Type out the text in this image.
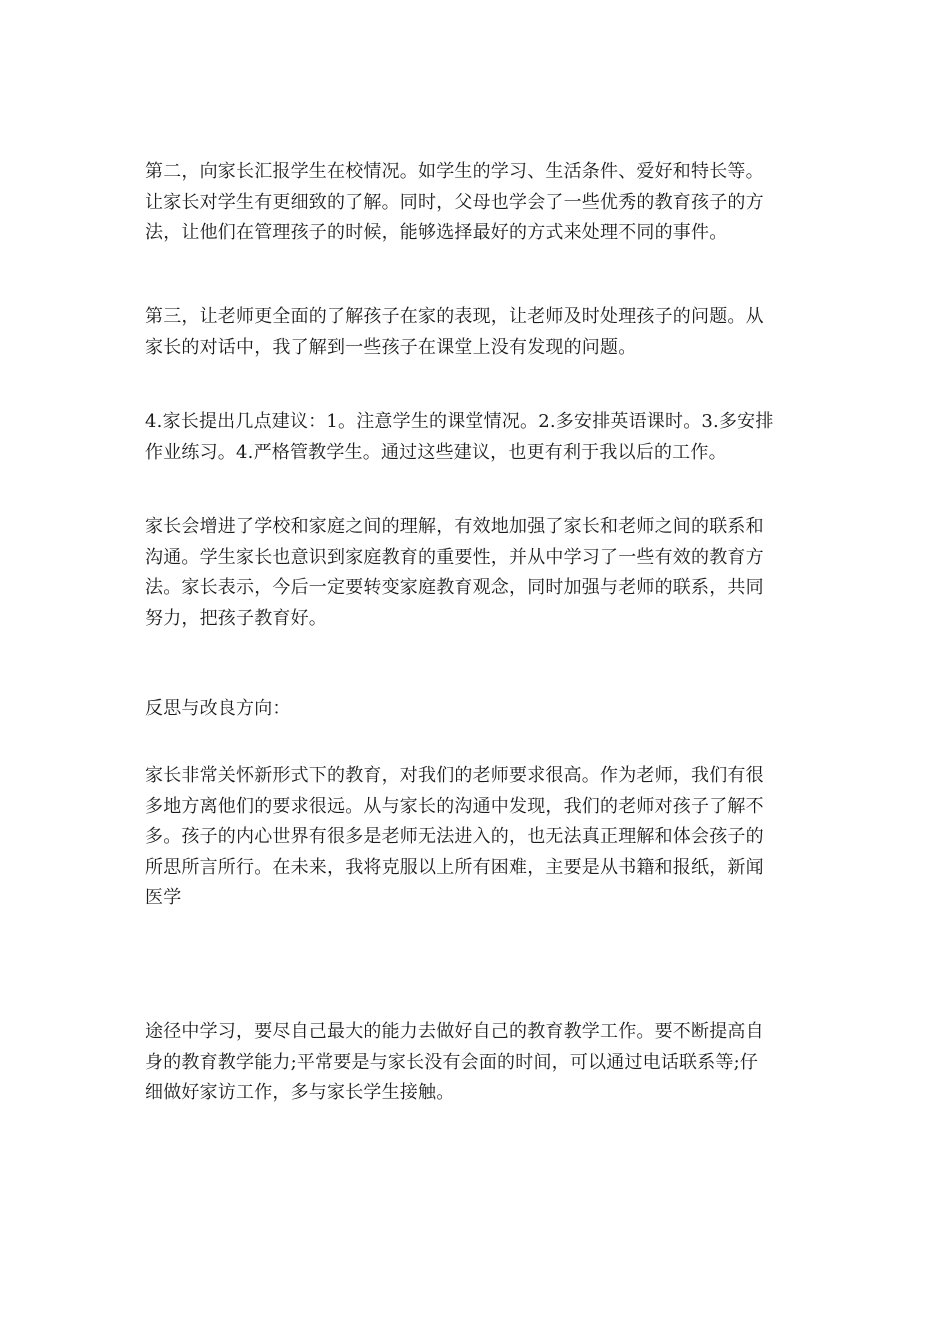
第二，向家长汇报学生在校情况。如学生的学习、生活条件、爱好和特长等。
让家长对学生有更细致的了解。同时，父母也学会了一些优秀的教育孩子的方
法，让他们在管理孩子的时候，能够选择最好的方式来处理不同的事件。

第三，让老师更全面的了解孩子在家的表现，让老师及时处理孩子的问题。从
家长的对话中，我了解到一些孩子在课堂上没有发现的问题。

4.家长提出几点建议：1。注意学生的课堂情况。2.多安排英语课时。3.多安排
作业练习。4.严格管教学生。通过这些建议，也更有利于我以后的工作。

家长会增进了学校和家庭之间的理解，有效地加强了家长和老师之间的联系和
沟通。学生家长也意识到家庭教育的重要性，并从中学习了一些有效的教育方
法。家长表示，今后一定要转变家庭教育观念，同时加强与老师的联系，共同
努力，把孩子教育好。

反思与改良方向：

家长非常关怀新形式下的教育，对我们的老师要求很高。作为老师，我们有很
多地方离他们的要求很远。从与家长的沟通中发现，我们的老师对孩子了解不
多。孩子的内心世界有很多是老师无法进入的，也无法真正理解和体会孩子的
所思所言所行。在未来，我将克服以上所有困难，主要是从书籍和报纸，新闻
医学

途径中学习，要尽自己最大的能力去做好自己的教育教学工作。要不断提高自
身的教育教学能力;平常要是与家长没有会面的时间，可以通过电话联系等;仔
细做好家访工作，多与家长学生接触。
